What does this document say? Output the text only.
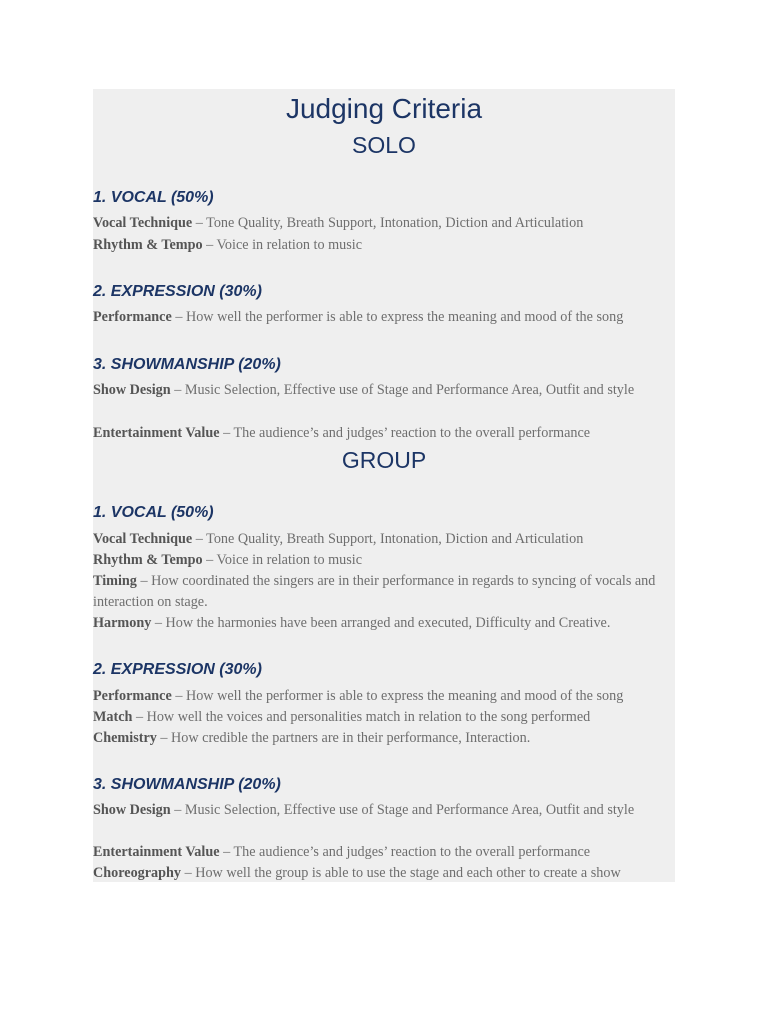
Judging Criteria
SOLO
1. VOCAL (50%)

Vocal Technique – Tone Quality, Breath Support, Intonation, Diction and Articulation

Rhythm & Tempo – Voice in relation to music

2. EXPRESSION (30%)

Performance – How well the performer is able to express the meaning and mood of the song

3. SHOWMANSHIP (20%)

Show Design – Music Selection, Effective use of Stage and Performance Area, Outfit and style

Entertainment Value – The audience’s and judges’ reaction to the overall performance

GROUP
1. VOCAL (50%)

Vocal Technique – Tone Quality, Breath Support, Intonation, Diction and Articulation

Rhythm & Tempo – Voice in relation to music

Timing – How coordinated the singers are in their performance in regards to syncing of vocals and interaction on stage.

Harmony – How the harmonies have been arranged and executed, Difficulty and Creative.

2. EXPRESSION (30%)

Performance – How well the performer is able to express the meaning and mood of the song

Match – How well the voices and personalities match in relation to the song performed

Chemistry – How credible the partners are in their performance, Interaction.

3. SHOWMANSHIP (20%)

Show Design – Music Selection, Effective use of Stage and Performance Area, Outfit and style

Entertainment Value – The audience’s and judges’ reaction to the overall performance

Choreography – How well the group is able to use the stage and each other to create a show
